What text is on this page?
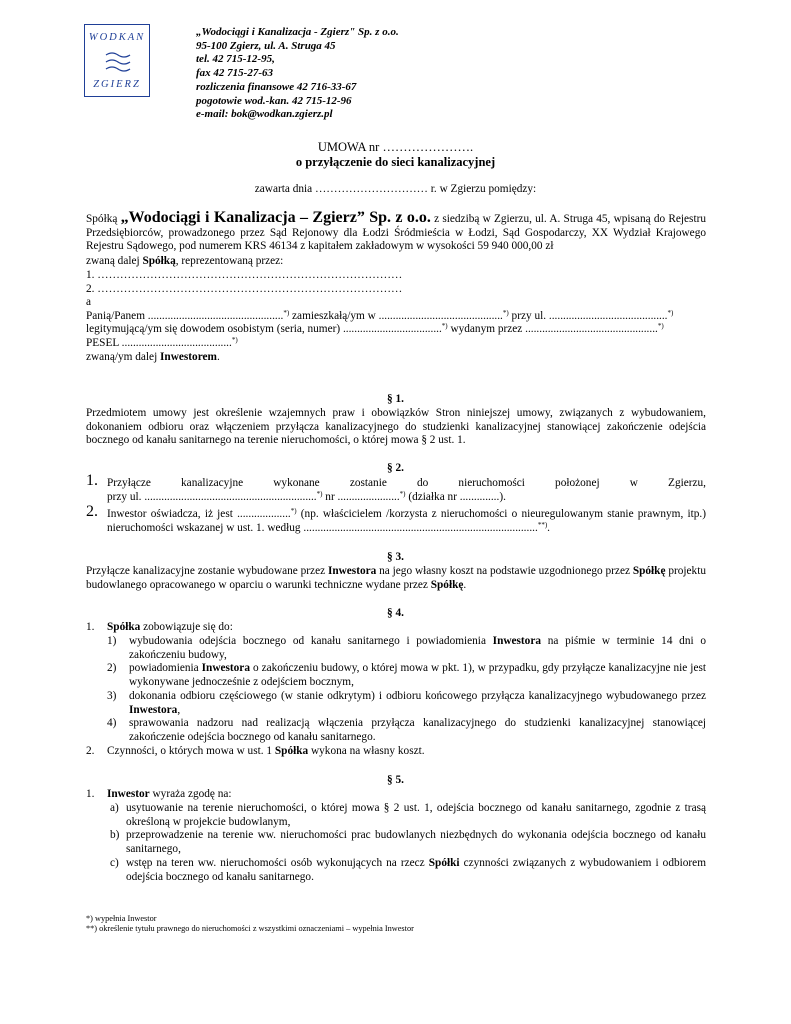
WODKAN
ZGIERZ
„Wodociągi i Kanalizacja - Zgierz" Sp. z o.o.
95-100 Zgierz, ul. A. Struga 45
tel. 42 715-12-95,
fax 42 715-27-63
rozliczenia finansowe 42 716-33-67
pogotowie wod.-kan. 42 715-12-96
e-mail: bok@wodkan.zgierz.pl
UMOWA nr ………………….
o przyłączenie do sieci kanalizacyjnej
zawarta dnia ………………………… r. w Zgierzu pomiędzy:
Spółką „Wodociągi i Kanalizacja – Zgierz” Sp. z o.o. z siedzibą w Zgierzu, ul. A. Struga 45, wpisaną do Rejestru Przedsiębiorców, prowadzonego przez Sąd Rejonowy dla Łodzi Śródmieścia w Łodzi, Sąd Gospodarczy, XX Wydział Krajowego Rejestru Sądowego, pod numerem KRS 46134 z kapitałem zakładowym w wysokości 59 940 000,00 zł
zwaną dalej Spółką, reprezentowaną przez:
1. ………………………………………………………………………
2. ………………………………………………………………………
a
Panią/Panem ................................................*) zamieszkałą/ym w ............................................*) przy ul. ..........................................*)
legitymującą/ym się dowodem osobistym (seria, numer) ...................................*) wydanym przez ...............................................*)
PESEL .......................................*)
zwaną/ym dalej Inwestorem.
§ 1.
Przedmiotem umowy jest określenie wzajemnych praw i obowiązków Stron niniejszej umowy, związanych z wybudowaniem, dokonaniem odbioru oraz włączeniem przyłącza kanalizacyjnego do studzienki kanalizacyjnej stanowiącej zakończenie odejścia bocznego od kanału sanitarnego na terenie nieruchomości, o której mowa § 2 ust. 1.
§ 2.
1. Przyłącze kanalizacyjne wykonane zostanie do nieruchomości położonej w Zgierzu,
przy ul. .............................................................*) nr ......................*) (działka nr ..............).
2. Inwestor oświadcza, iż jest ...................*) (np. właścicielem /korzysta z nieruchomości o nieuregulowanym stanie prawnym, itp.) nieruchomości wskazanej w ust. 1. według ...................................................................................**).
§ 3.
Przyłącze kanalizacyjne zostanie wybudowane przez Inwestora na jego własny koszt na podstawie uzgodnionego przez Spółkę projektu budowlanego opracowanego w oparciu o warunki techniczne wydane przez Spółkę.
§ 4.
1. Spółka zobowiązuje się do:
1) wybudowania odejścia bocznego od kanału sanitarnego i powiadomienia Inwestora na piśmie w terminie 14 dni o zakończeniu budowy,
2) powiadomienia Inwestora o zakończeniu budowy, o której mowa w pkt. 1), w przypadku, gdy przyłącze kanalizacyjne nie jest wykonywane jednocześnie z odejściem bocznym,
3) dokonania odbioru częściowego (w stanie odkrytym) i odbioru końcowego przyłącza kanalizacyjnego wybudowanego przez Inwestora,
4) sprawowania nadzoru nad realizacją włączenia przyłącza kanalizacyjnego do studzienki kanalizacyjnej stanowiącej zakończenie odejścia bocznego od kanału sanitarnego.
2. Czynności, o których mowa w ust. 1 Spółka wykona na własny koszt.
§ 5.
1. Inwestor wyraża zgodę na:
a) usytuowanie na terenie nieruchomości, o której mowa § 2 ust. 1, odejścia bocznego od kanału sanitarnego, zgodnie z trasą określoną w projekcie budowlanym,
b) przeprowadzenie na terenie ww. nieruchomości prac budowlanych niezbędnych do wykonania odejścia bocznego od kanału sanitarnego,
c) wstęp na teren ww. nieruchomości osób wykonujących na rzecz Spółki czynności związanych z wybudowaniem i odbiorem odejścia bocznego od kanału sanitarnego.
*) wypełnia Inwestor
**) określenie tytułu prawnego do nieruchomości z wszystkimi oznaczeniami – wypełnia Inwestor
